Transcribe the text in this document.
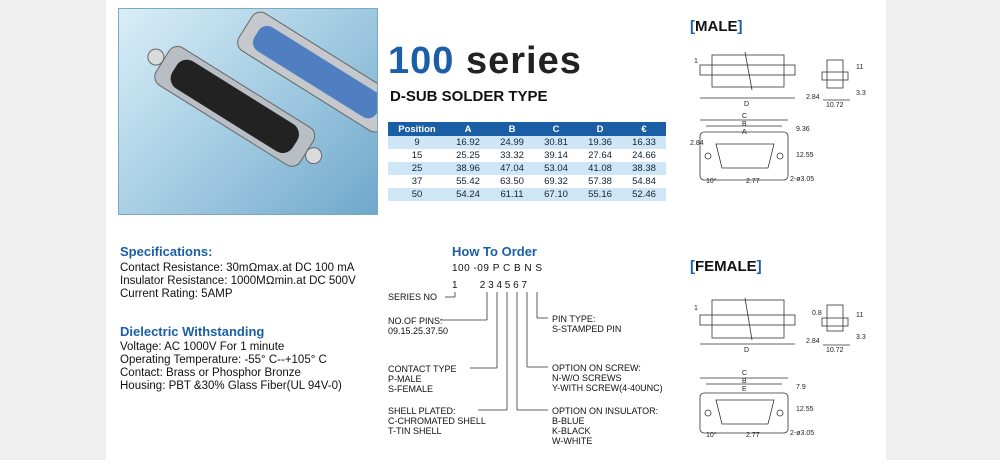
100 series
D-SUB SOLDER TYPE
Position	A	B	C	D	€
9	16.92	24.99	30.81	19.36	16.33
15	25.25	33.32	39.14	27.64	24.66
25	38.96	47.04	53.04	41.08	38.38
37	55.42	63.50	69.32	57.38	54.84
50	54.24	61.11	67.10	55.16	52.46
Specifications:
Contact Resistance: 30mΩmax.at DC 100 mA
Insulator Resistance: 1000MΩmin.at DC 500V
Current Rating: 5AMP
Dielectric Withstanding
Voltage: AC 1000V For 1 minute
Operating Temperature: -55° C--+105° C
Contact: Brass or Phosphor Bronze
Housing: PBT &30% Glass Fiber(UL 94V-0)
How To Order
100 -09 P C B N S
1        2 3 4 5 6 7
SERIES NO
NO.OF PINS:
09.15.25.37.50
CONTACT TYPE
P-MALE
S-FEMALE
SHELL PLATED:
C-CHROMATED SHELL
T-TIN SHELL
PIN TYPE:
S-STAMPED PIN
OPTION ON SCREW:
N-W/O SCREWS
Y-WITH SCREW(4-40UNC)
OPTION ON INSULATOR:
B-BLUE
K-BLACK
W-WHITE
[MALE]
1
D
2.84
10.72
3.3
11
C
B
A	9.36
2.84
12.55
10°	2.77	2-ø3.05
[FEMALE]
1
D
2.84
10.72
0.8	11
3.3
C
B
E	7.9
12.55
10°	2.77	2-ø3.05
